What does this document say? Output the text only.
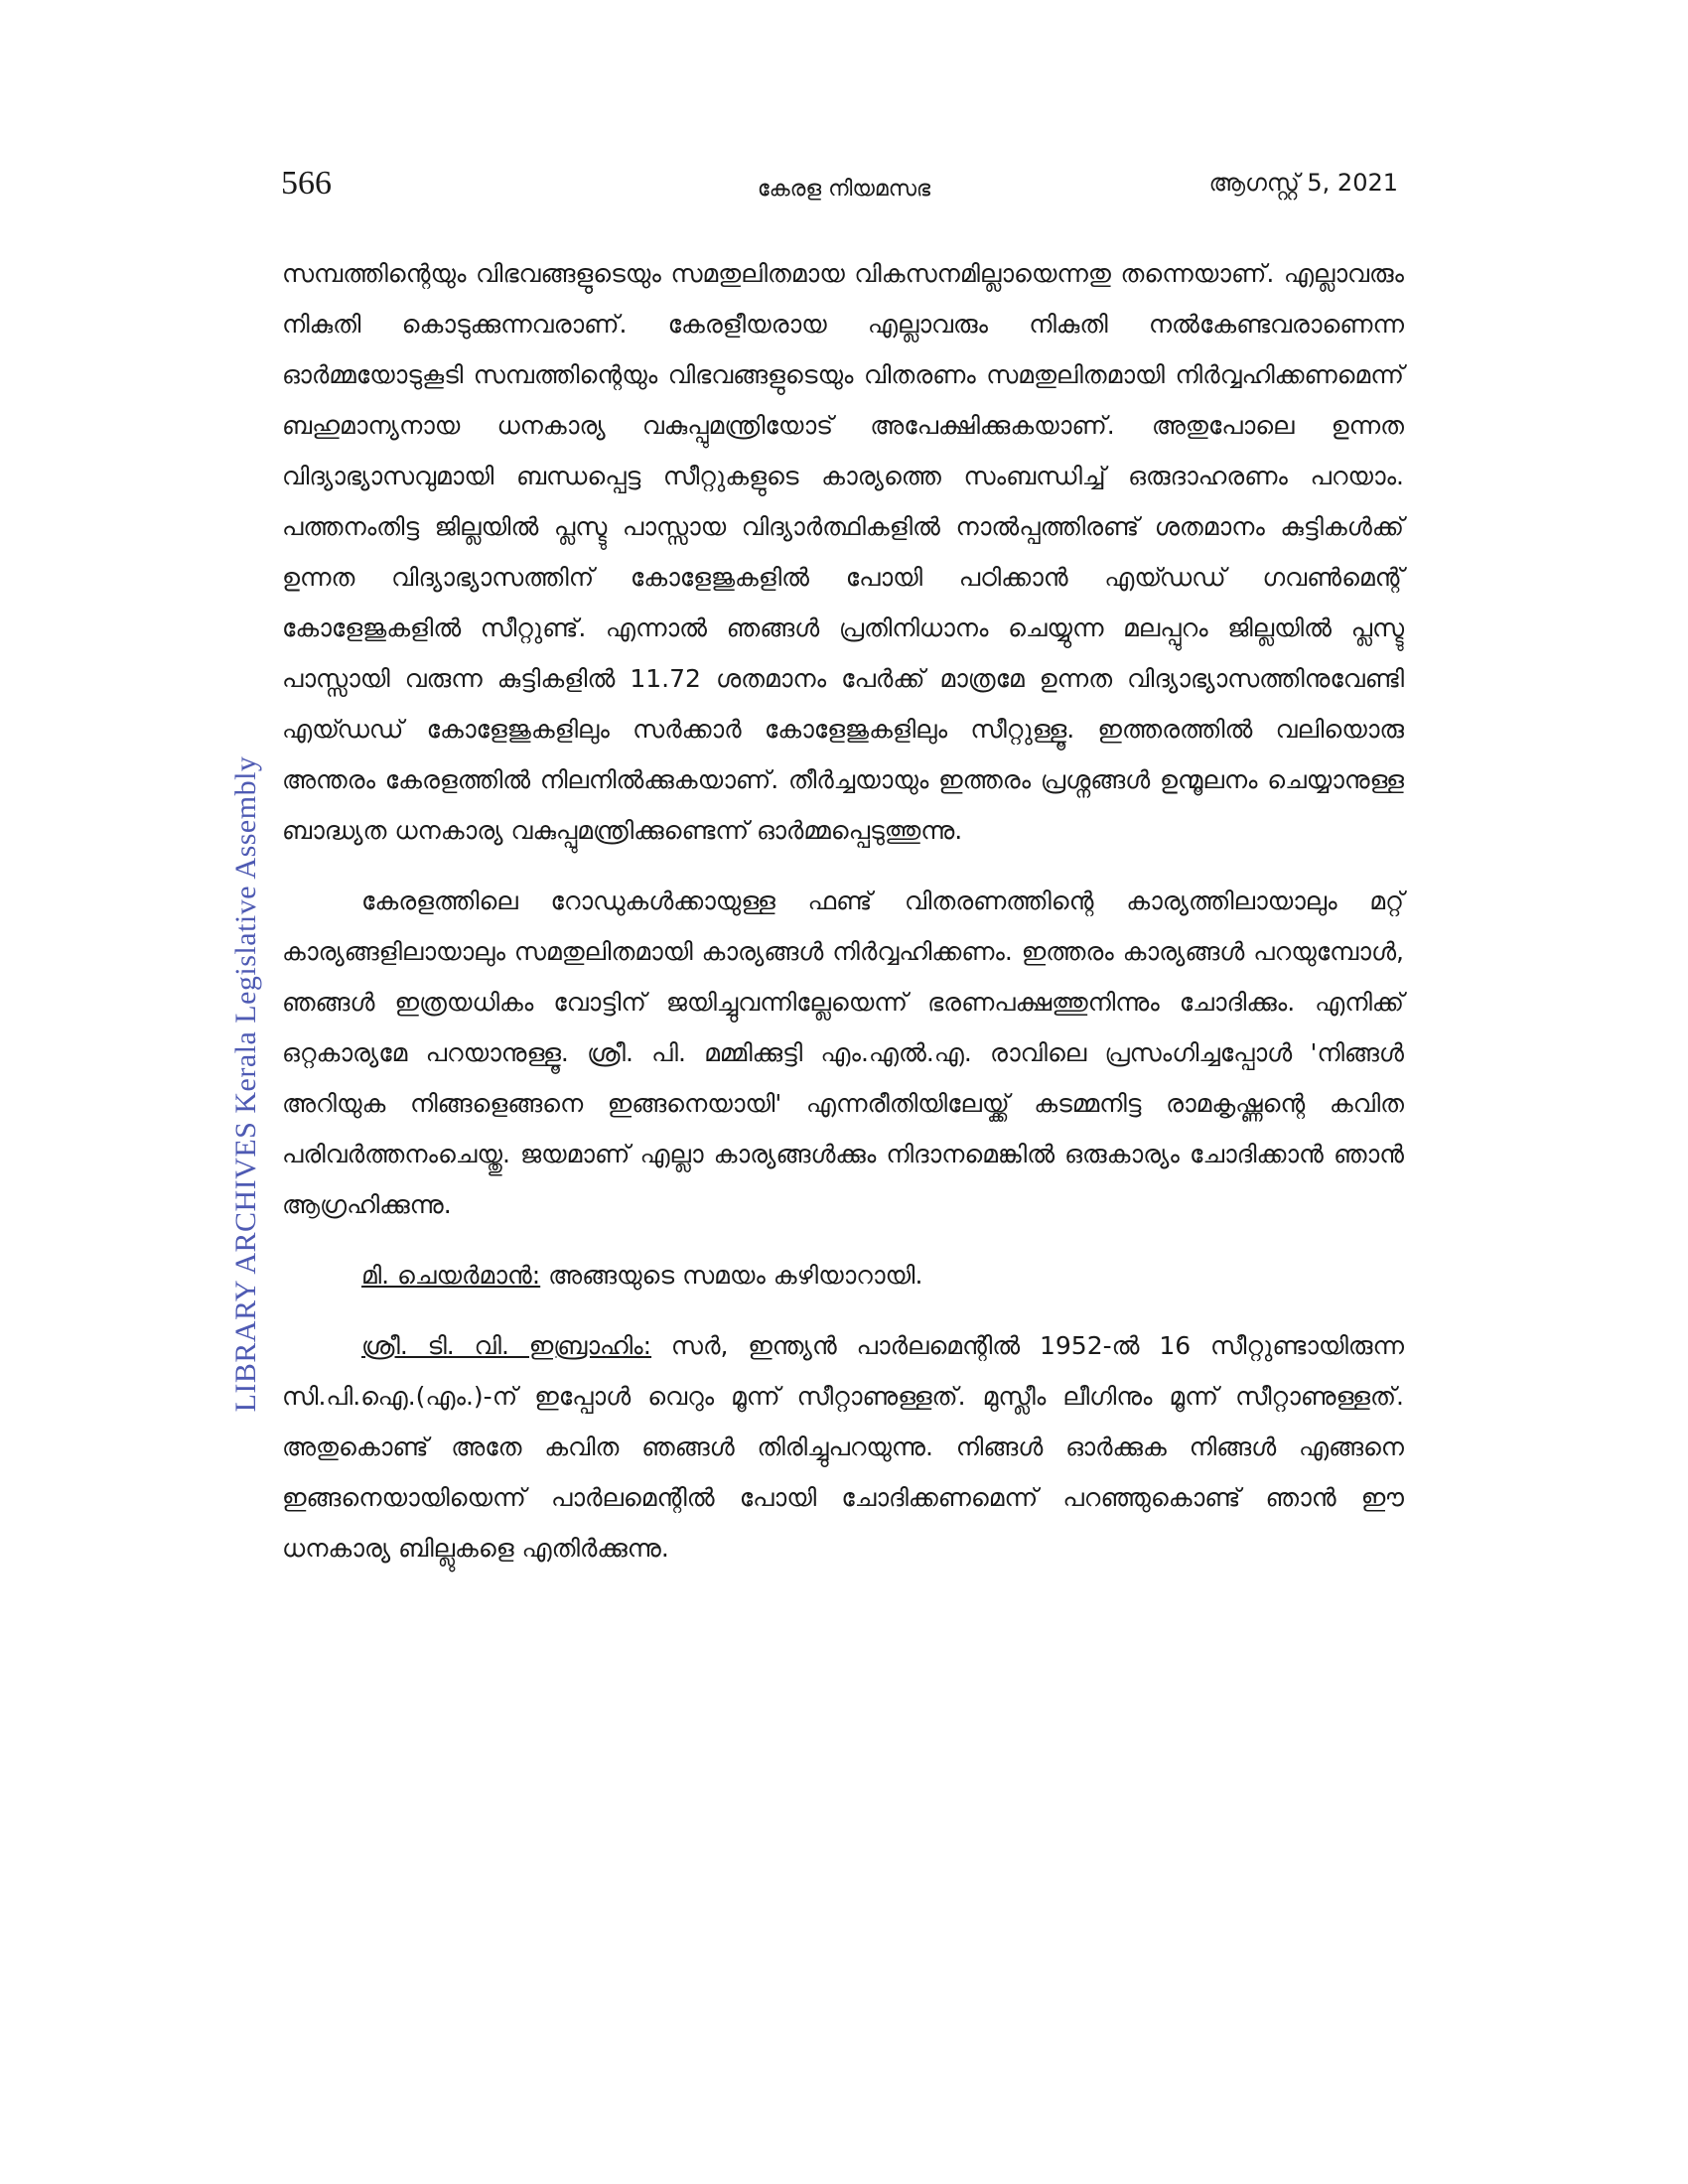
566	കേരള നിയമസഭ	ആഗസ്റ്റ് 5, 2021
LIBRARY ARCHIVES Kerala Legislative Assembly

സമ്പത്തിന്റെയും വിഭവങ്ങളുടെയും സമതുലിതമായ വികസനമില്ലായെന്നതു തന്നെയാണ്. എല്ലാവരും നികുതി കൊടുക്കുന്നവരാണ്. കേരളീയരായ എല്ലാവരും നികുതി നൽകേണ്ടവരാണെന്ന ഓർമ്മയോടുകൂടി സമ്പത്തിന്റെയും വിഭവങ്ങളുടെയും വിതരണം സമതുലിതമായി നിർവ്വഹിക്കണമെന്ന് ബഹുമാന്യനായ ധനകാര്യ വകുപ്പുമന്ത്രിയോട് അപേക്ഷിക്കുകയാണ്. അതുപോലെ ഉന്നത വിദ്യാഭ്യാസവുമായി ബന്ധപ്പെട്ട സീറ്റുകളുടെ കാര്യത്തെ സംബന്ധിച്ച് ഒരുദാഹരണം പറയാം. പത്തനംതിട്ട ജില്ലയിൽ പ്ലസ്ടു പാസ്സായ വിദ്യാർത്ഥികളിൽ നാൽപ്പത്തിരണ്ട് ശതമാനം കുട്ടികൾക്ക് ഉന്നത വിദ്യാഭ്യാസത്തിന് കോളേജുകളിൽ പോയി പഠിക്കാൻ എയ്ഡഡ് ഗവൺമെന്റ് കോളേജുകളിൽ സീറ്റുണ്ട്. എന്നാൽ ഞങ്ങൾ പ്രതിനിധാനം ചെയ്യുന്ന മലപ്പുറം ജില്ലയിൽ പ്ലസ്ടു പാസ്സായി വരുന്ന കുട്ടികളിൽ 11.72 ശതമാനം പേർക്ക് മാത്രമേ ഉന്നത വിദ്യാഭ്യാസത്തിനുവേണ്ടി എയ്ഡഡ് കോളേജുകളിലും സർക്കാർ കോളേജുകളിലും സീറ്റുള്ളൂ. ഇത്തരത്തിൽ വലിയൊരു അന്തരം കേരളത്തിൽ നിലനിൽക്കുകയാണ്. തീർച്ചയായും ഇത്തരം പ്രശ്നങ്ങൾ ഉന്മൂലനം ചെയ്യാനുള്ള ബാദ്ധ്യത ധനകാര്യ വകുപ്പുമന്ത്രിക്കുണ്ടെന്ന് ഓർമ്മപ്പെടുത്തുന്നു.

കേരളത്തിലെ റോഡുകൾക്കായുള്ള ഫണ്ട് വിതരണത്തിന്റെ കാര്യത്തിലായാലും മറ്റ് കാര്യങ്ങളിലായാലും സമതുലിതമായി കാര്യങ്ങൾ നിർവ്വഹിക്കണം. ഇത്തരം കാര്യങ്ങൾ പറയുമ്പോൾ, ഞങ്ങൾ ഇത്രയധികം വോട്ടിന് ജയിച്ചുവന്നില്ലേയെന്ന് ഭരണപക്ഷത്തുനിന്നും ചോദിക്കും. എനിക്ക് ഒറ്റകാര്യമേ പറയാനുള്ളൂ. ശ്രീ. പി. മമ്മിക്കുട്ടി എം.എൽ.എ. രാവിലെ പ്രസംഗിച്ചപ്പോൾ 'നിങ്ങൾ അറിയുക നിങ്ങളെങ്ങനെ ഇങ്ങനെയായി' എന്നരീതിയിലേയ്ക്ക് കടമ്മനിട്ട രാമകൃഷ്ണന്റെ കവിത പരിവർത്തനംചെയ്തു. ജയമാണ് എല്ലാ കാര്യങ്ങൾക്കും നിദാനമെങ്കിൽ ഒരുകാര്യം ചോദിക്കാൻ ഞാൻ ആഗ്രഹിക്കുന്നു.

മി. ചെയർമാൻ: അങ്ങയുടെ സമയം കഴിയാറായി.

ശ്രീ. ടി. വി. ഇബ്രാഹിം: സർ, ഇന്ത്യൻ പാർലമെന്റിൽ 1952-ൽ 16 സീറ്റുണ്ടായിരുന്ന സി.പി.ഐ.(എം.)-ന് ഇപ്പോൾ വെറും മൂന്ന് സീറ്റാണുള്ളത്. മുസ്ലീം ലീഗിനും മൂന്ന് സീറ്റാണുള്ളത്. അതുകൊണ്ട് അതേ കവിത ഞങ്ങൾ തിരിച്ചുപറയുന്നു. നിങ്ങൾ ഓർക്കുക നിങ്ങൾ എങ്ങനെ ഇങ്ങനെയായിയെന്ന് പാർലമെന്റിൽ പോയി ചോദിക്കണമെന്ന് പറഞ്ഞുകൊണ്ട് ഞാൻ ഈ ധനകാര്യ ബില്ലുകളെ എതിർക്കുന്നു.
